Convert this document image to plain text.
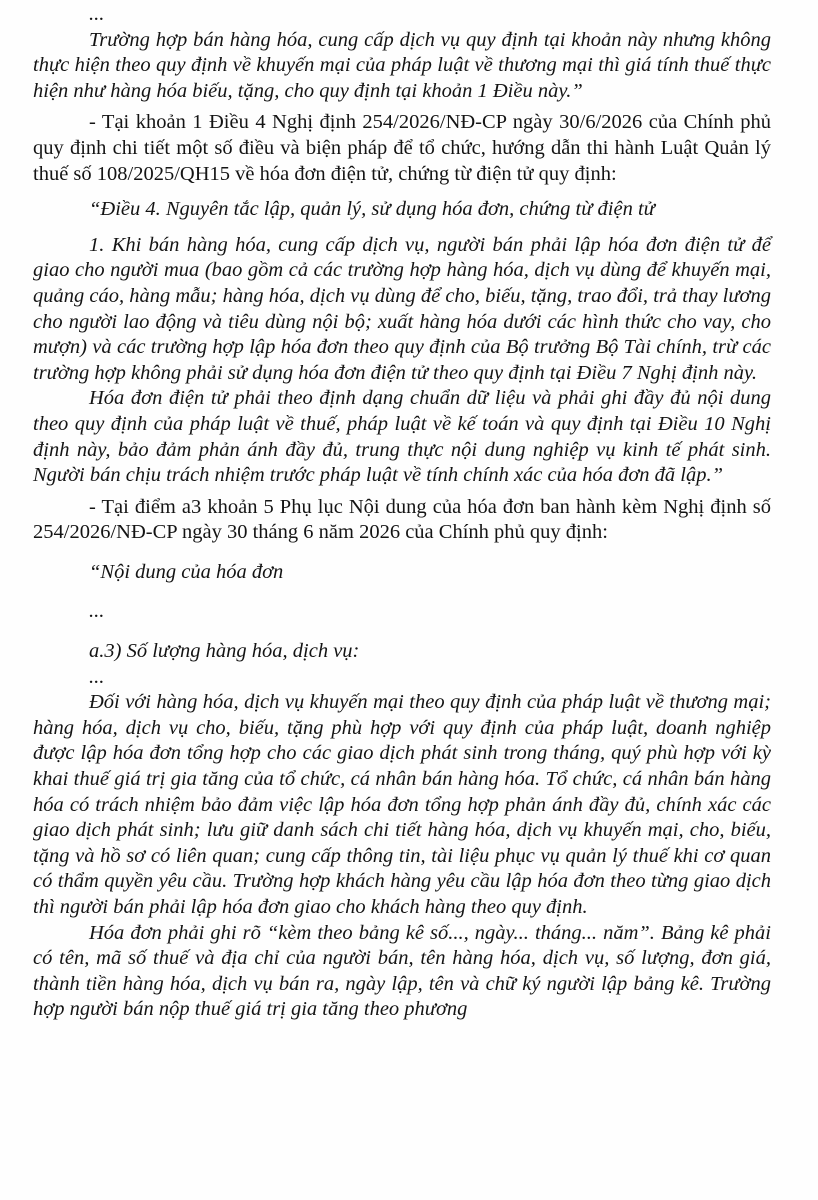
...

Trường hợp bán hàng hóa, cung cấp dịch vụ quy định tại khoản này nhưng không thực hiện theo quy định về khuyến mại của pháp luật về thương mại thì giá tính thuế thực hiện như hàng hóa biếu, tặng, cho quy định tại khoản 1 Điều này.”

- Tại khoản 1 Điều 4 Nghị định 254/2026/NĐ-CP ngày 30/6/2026 của Chính phủ quy định chi tiết một số điều và biện pháp để tổ chức, hướng dẫn thi hành Luật Quản lý thuế số 108/2025/QH15 về hóa đơn điện tử, chứng từ điện tử quy định:

“Điều 4. Nguyên tắc lập, quản lý, sử dụng hóa đơn, chứng từ điện tử

1. Khi bán hàng hóa, cung cấp dịch vụ, người bán phải lập hóa đơn điện tử để giao cho người mua (bao gồm cả các trường hợp hàng hóa, dịch vụ dùng để khuyến mại, quảng cáo, hàng mẫu; hàng hóa, dịch vụ dùng để cho, biếu, tặng, trao đổi, trả thay lương cho người lao động và tiêu dùng nội bộ; xuất hàng hóa dưới các hình thức cho vay, cho mượn) và các trường hợp lập hóa đơn theo quy định của Bộ trưởng Bộ Tài chính, trừ các trường hợp không phải sử dụng hóa đơn điện tử theo quy định tại Điều 7 Nghị định này.

Hóa đơn điện tử phải theo định dạng chuẩn dữ liệu và phải ghi đầy đủ nội dung theo quy định của pháp luật về thuế, pháp luật về kế toán và quy định tại Điều 10 Nghị định này, bảo đảm phản ánh đầy đủ, trung thực nội dung nghiệp vụ kinh tế phát sinh. Người bán chịu trách nhiệm trước pháp luật về tính chính xác của hóa đơn đã lập.”

- Tại điểm a3 khoản 5 Phụ lục Nội dung của hóa đơn ban hành kèm Nghị định số 254/2026/NĐ-CP ngày 30 tháng 6 năm 2026 của Chính phủ quy định:

“Nội dung của hóa đơn

...

a.3) Số lượng hàng hóa, dịch vụ:

...

Đối với hàng hóa, dịch vụ khuyến mại theo quy định của pháp luật về thương mại; hàng hóa, dịch vụ cho, biếu, tặng phù hợp với quy định của pháp luật, doanh nghiệp được lập hóa đơn tổng hợp cho các giao dịch phát sinh trong tháng, quý phù hợp với kỳ khai thuế giá trị gia tăng của tổ chức, cá nhân bán hàng hóa. Tổ chức, cá nhân bán hàng hóa có trách nhiệm bảo đảm việc lập hóa đơn tổng hợp phản ánh đầy đủ, chính xác các giao dịch phát sinh; lưu giữ danh sách chi tiết hàng hóa, dịch vụ khuyến mại, cho, biếu, tặng và hồ sơ có liên quan; cung cấp thông tin, tài liệu phục vụ quản lý thuế khi cơ quan có thẩm quyền yêu cầu. Trường hợp khách hàng yêu cầu lập hóa đơn theo từng giao dịch thì người bán phải lập hóa đơn giao cho khách hàng theo quy định.

Hóa đơn phải ghi rõ “kèm theo bảng kê số..., ngày... tháng... năm”. Bảng kê phải có tên, mã số thuế và địa chỉ của người bán, tên hàng hóa, dịch vụ, số lượng, đơn giá, thành tiền hàng hóa, dịch vụ bán ra, ngày lập, tên và chữ ký người lập bảng kê. Trường hợp người bán nộp thuế giá trị gia tăng theo phương
